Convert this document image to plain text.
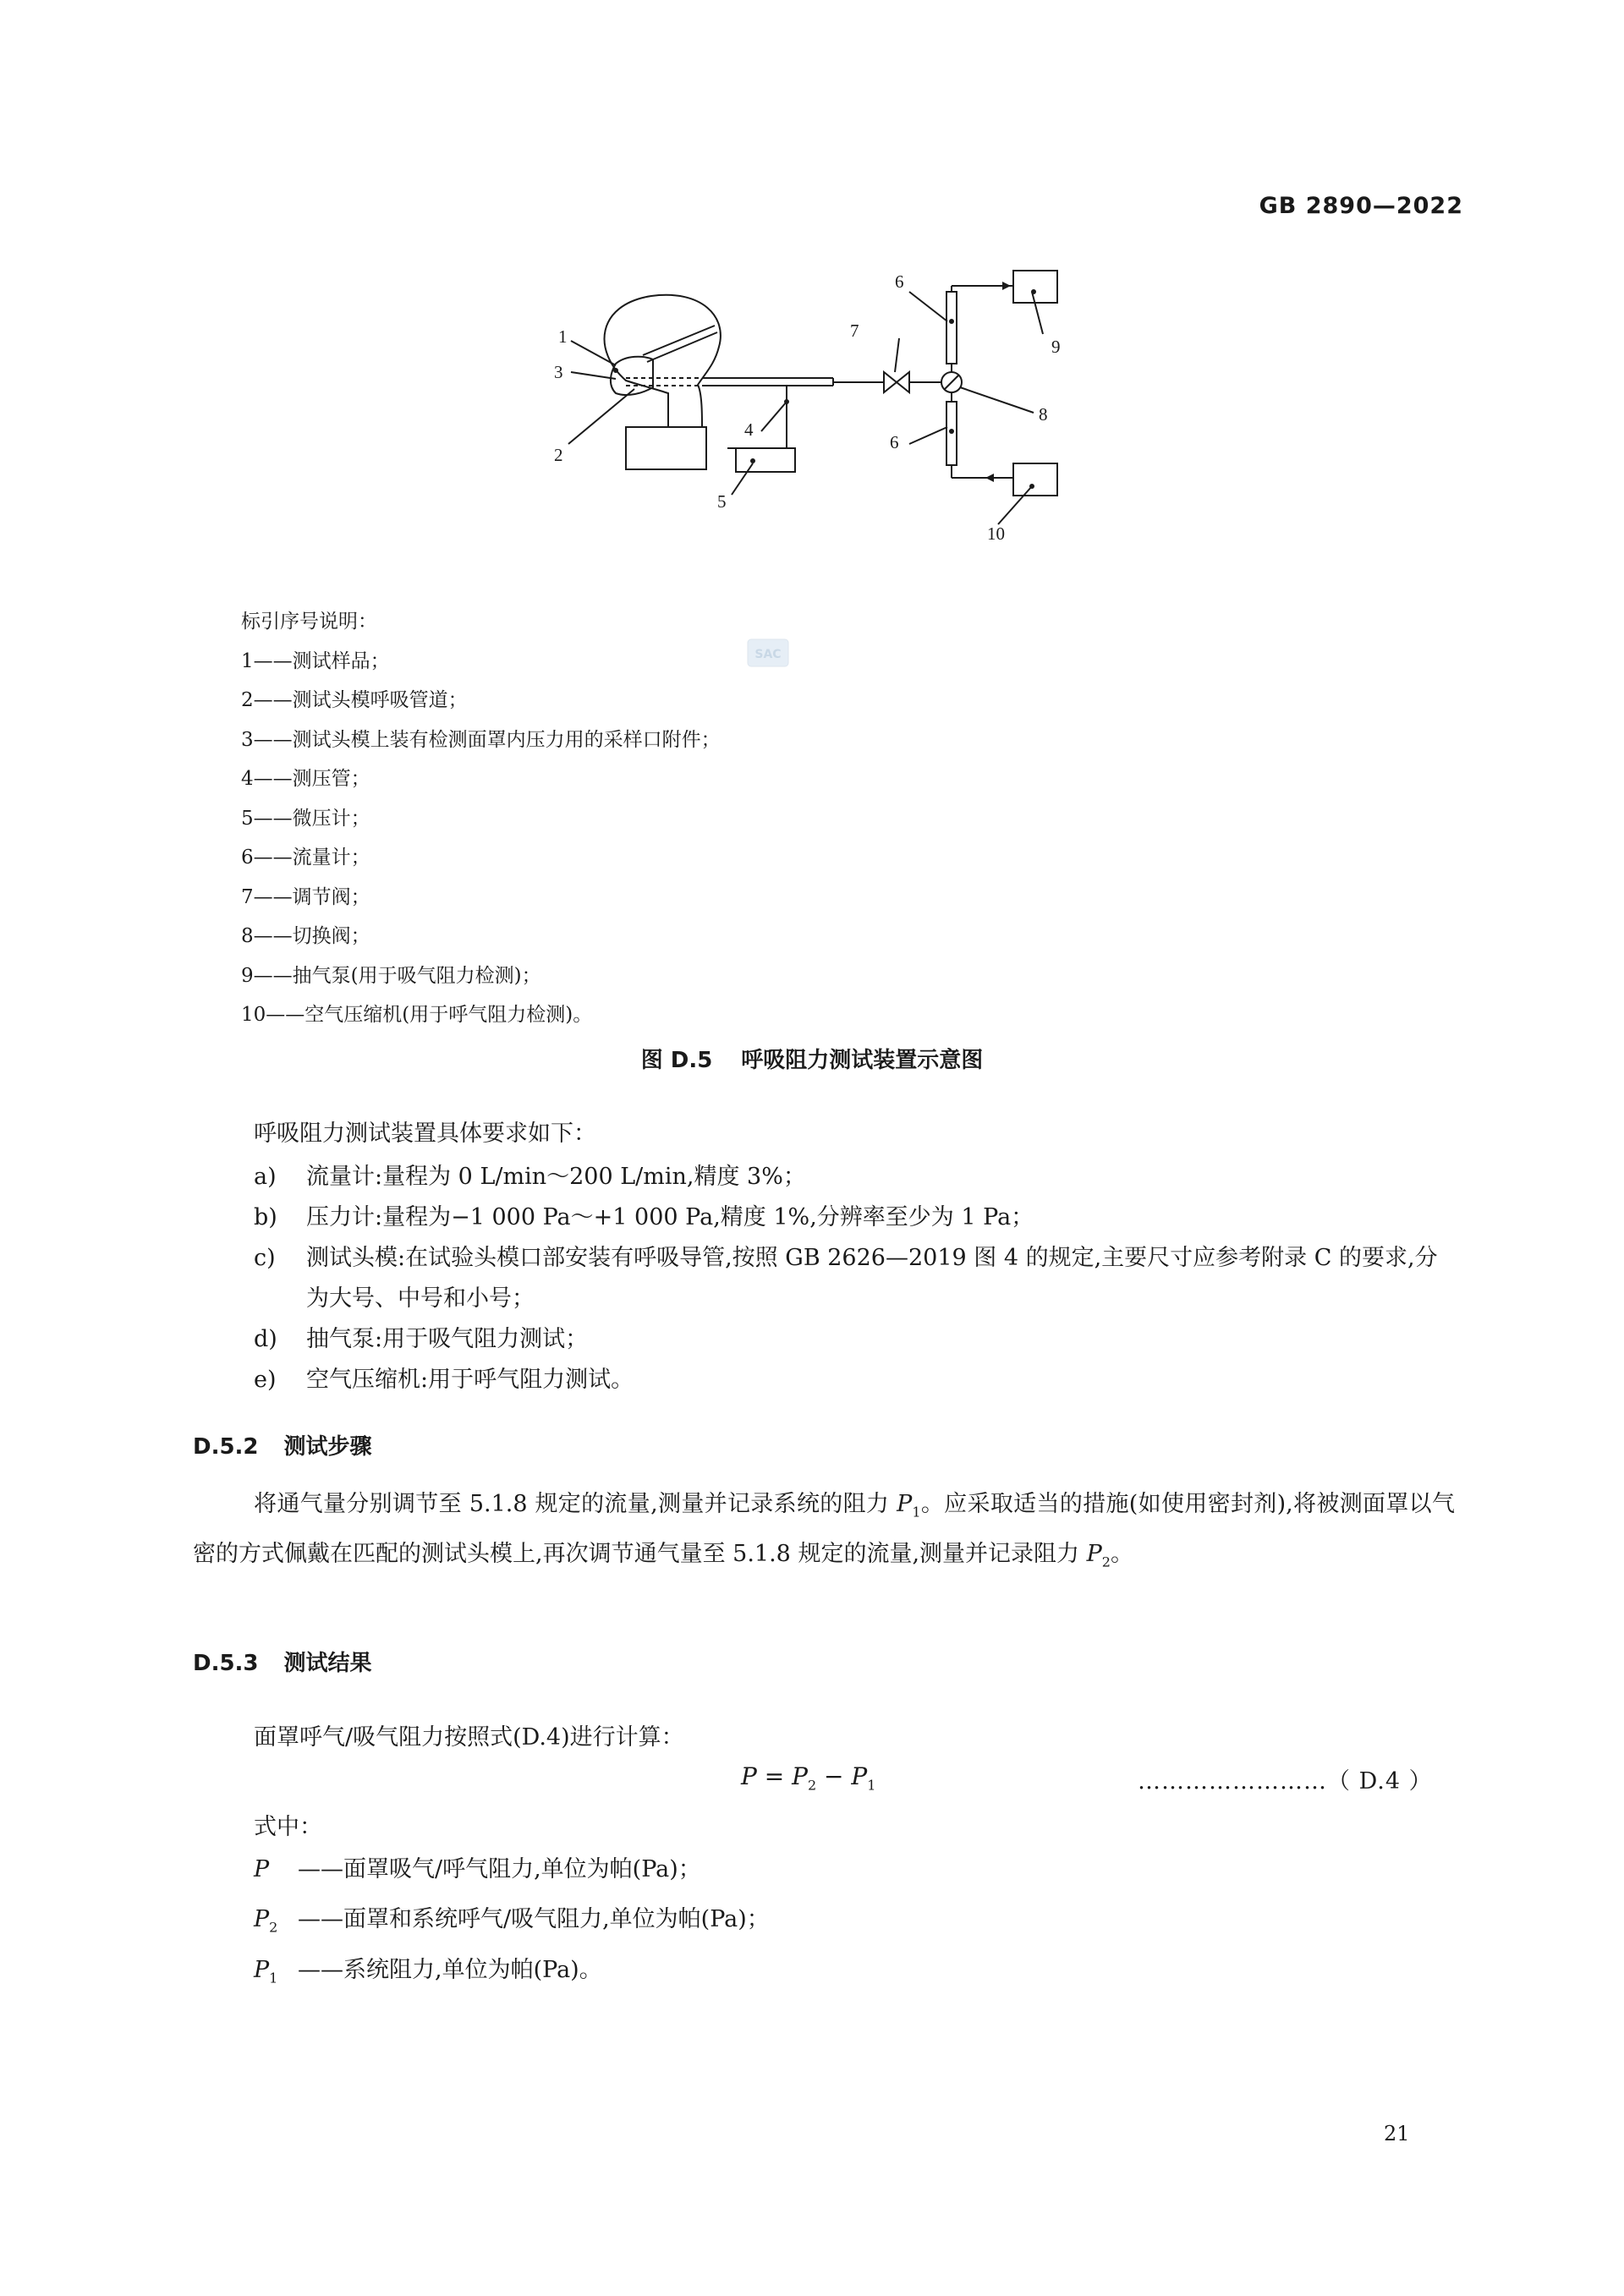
GB 2890—2022
1
2
3
4
5
6
6
7
8
9
10
SAC
标引序号说明：
1——测试样品；
2——测试头模呼吸管道；
3——测试头模上装有检测面罩内压力用的采样口附件；
4——测压管；
5——微压计；
6——流量计；
7——调节阀；
8——切换阀；
9——抽气泵(用于吸气阻力检测)；
10——空气压缩机(用于呼气阻力检测)。
图 D.5 呼吸阻力测试装置示意图
呼吸阻力测试装置具体要求如下：
a) 流量计:量程为 0 L/min～200 L/min,精度 3%；
b) 压力计:量程为−1 000 Pa～+1 000 Pa,精度 1%,分辨率至少为 1 Pa；
c) 测试头模:在试验头模口部安装有呼吸导管,按照 GB 2626—2019 图 4 的规定,主要尺寸应参考附录 C 的要求,分为大号、中号和小号；
d) 抽气泵:用于吸气阻力测试；
e) 空气压缩机:用于呼气阻力测试。
D.5.2 测试步骤
将通气量分别调节至 5.1.8 规定的流量,测量并记录系统的阻力 $P_1$。应采取适当的措施(如使用密封剂),将被测面罩以气密的方式佩戴在匹配的测试头模上,再次调节通气量至 5.1.8 规定的流量,测量并记录阻力 $P_2$。
D.5.3 测试结果
面罩呼气/吸气阻力按照式(D.4)进行计算：
$P = P_2 - P_1$	……………………（ D.4 ）
式中：
P ——面罩吸气/呼气阻力,单位为帕(Pa)；
$P_2$ ——面罩和系统呼气/吸气阻力,单位为帕(Pa)；
$P_1$ ——系统阻力,单位为帕(Pa)。
21
